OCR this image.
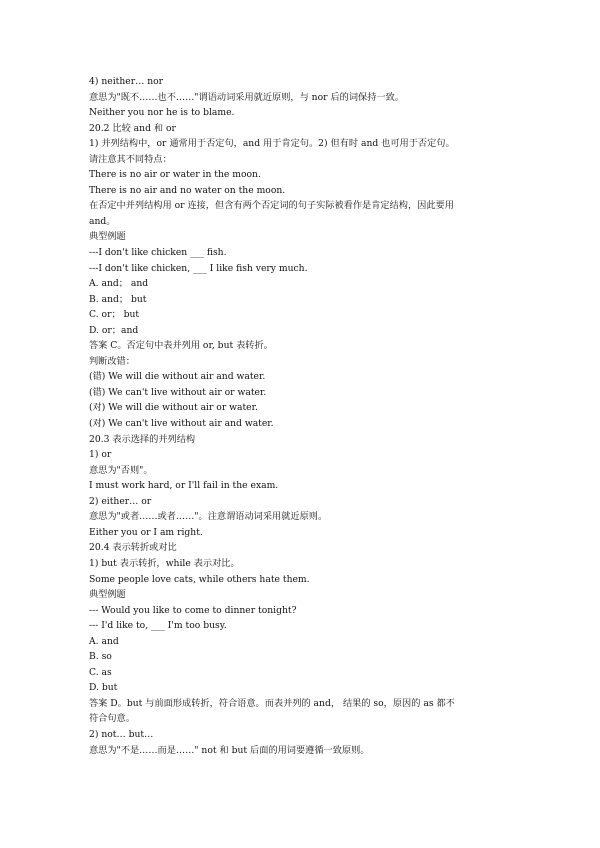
4) neither… nor
意思为"既不……也不……"谓语动词采用就近原则，与 nor 后的词保持一致。
Neither you nor he is to blame.
20.2 比较 and 和 or
1) 并列结构中，or 通常用于否定句，and 用于肯定句。2) 但有时 and 也可用于否定句。
请注意其不同特点：
There is no air or water in the moon.
There is no air and no water on the moon.
在否定中并列结构用 or 连接，但含有两个否定词的句子实际被看作是肯定结构，因此要用
and。
典型例题
---I don't like chicken ___ fish.
---I don't like chicken, ___ I like fish very much.
A. and； and
B. and； but
C. or； but
D. or；and
答案 C。否定句中表并列用 or, but 表转折。
判断改错：
(错) We will die without air and water.
(错) We can't live without air or water.
(对) We will die without air or water.
(对) We can't live without air and water.
20.3 表示选择的并列结构
1) or
意思为"否则"。
I must work hard, or I'll fail in the exam.
2) either… or
意思为"或者……或者……"。注意谓语动词采用就近原则。
Either you or I am right.
20.4 表示转折或对比
1) but 表示转折，while 表示对比。
Some people love cats, while others hate them.
典型例题
--- Would you like to come to dinner tonight?
--- I'd like to, ___ I'm too busy.
A. and
B. so
C. as
D. but
答案 D。but 与前面形成转折，符合语意。而表并列的 and， 结果的 so，原因的 as 都不
符合句意。
2) not… but…
意思为"不是……而是……" not 和 but 后面的用词要遵循一致原则。
